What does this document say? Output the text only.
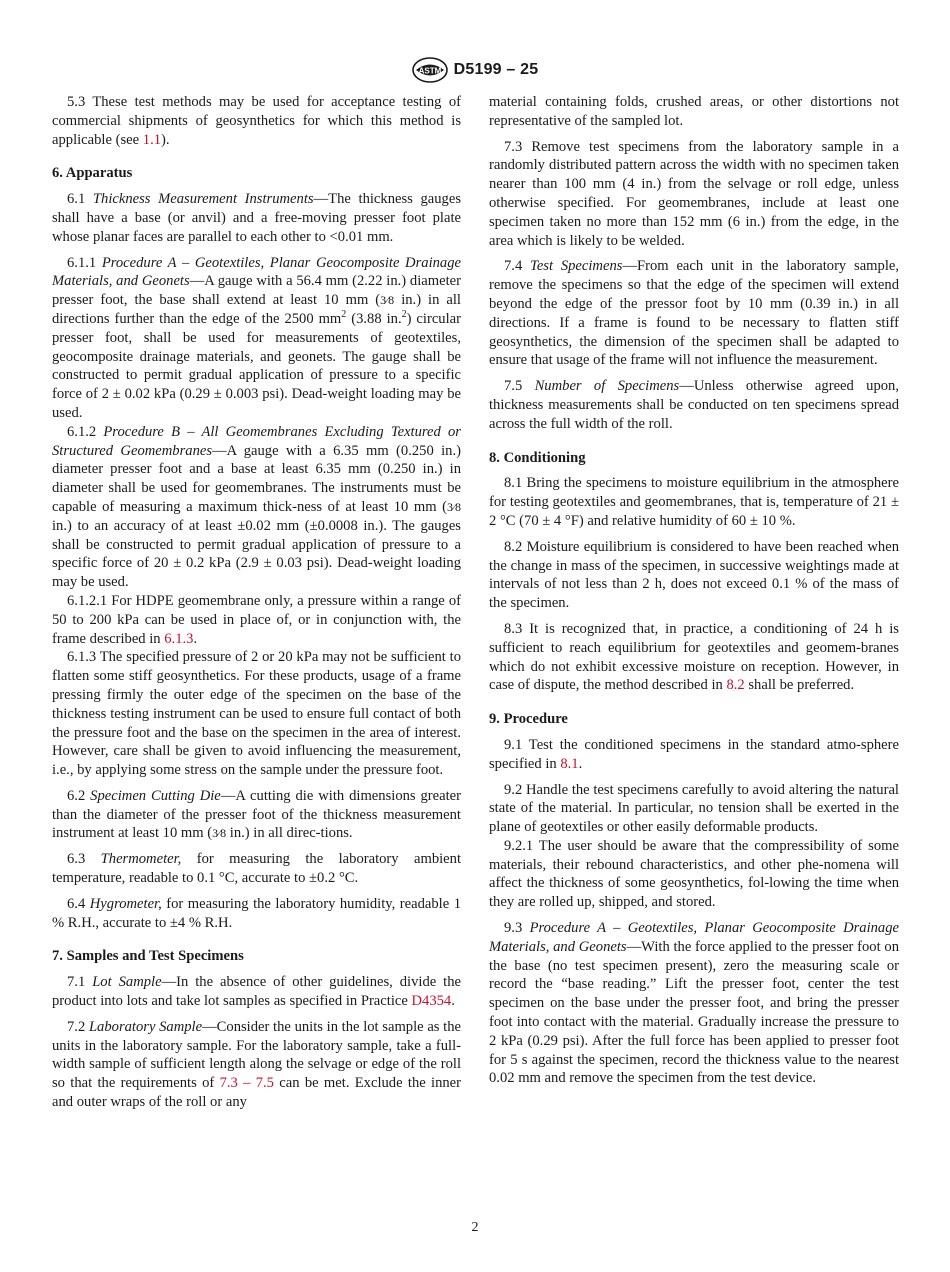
ASTM D5199 – 25

5.3 These test methods may be used for acceptance testing of commercial shipments of geosynthetics for which this method is applicable (see 1.1).

6. Apparatus

6.1 Thickness Measurement Instruments—The thickness gauges shall have a base (or anvil) and a free-moving presser foot plate whose planar faces are parallel to each other to <0.01 mm.

6.1.1 Procedure A – Geotextiles, Planar Geocomposite Drainage Materials, and Geonets—A gauge with a 56.4 mm (2.22 in.) diameter presser foot, the base shall extend at least 10 mm (3⁄8 in.) in all directions further than the edge of the 2500 $mm^2$ (3.88 in.$^2$) circular presser foot, shall be used for measurements of geotextiles, geocomposite drainage materials, and geonets. The gauge shall be constructed to permit gradual application of pressure to a specific force of 2 ± 0.02 kPa (0.29 ± 0.003 psi). Dead-weight loading may be used.

6.1.2 Procedure B – All Geomembranes Excluding Textured or Structured Geomembranes—A gauge with a 6.35 mm (0.250 in.) diameter presser foot and a base at least 6.35 mm (0.250 in.) in diameter shall be used for geomembranes. The instruments must be capable of measuring a maximum thick-ness of at least 10 mm (3⁄8 in.) to an accuracy of at least ±0.02 mm (±0.0008 in.). The gauges shall be constructed to permit gradual application of pressure to a specific force of 20 ± 0.2 kPa (2.9 ± 0.03 psi). Dead-weight loading may be used.

6.1.2.1 For HDPE geomembrane only, a pressure within a range of 50 to 200 kPa can be used in place of, or in conjunction with, the frame described in 6.1.3.

6.1.3 The specified pressure of 2 or 20 kPa may not be sufficient to flatten some stiff geosynthetics. For these products, usage of a frame pressing firmly the outer edge of the specimen on the base of the thickness testing instrument can be used to ensure full contact of both the pressure foot and the base on the specimen in the area of interest. However, care shall be given to avoid influencing the measurement, i.e., by applying some stress on the sample under the pressure foot.

6.2 Specimen Cutting Die—A cutting die with dimensions greater than the diameter of the presser foot of the thickness measurement instrument at least 10 mm (3⁄8 in.) in all direc-tions.

6.3 Thermometer, for measuring the laboratory ambient temperature, readable to 0.1 °C, accurate to ±0.2 °C.

6.4 Hygrometer, for measuring the laboratory humidity, readable 1 % R.H., accurate to ±4 % R.H.

7. Samples and Test Specimens

7.1 Lot Sample—In the absence of other guidelines, divide the product into lots and take lot samples as specified in Practice D4354.

7.2 Laboratory Sample—Consider the units in the lot sample as the units in the laboratory sample. For the laboratory sample, take a full-width sample of sufficient length along the selvage or edge of the roll so that the requirements of 7.3 – 7.5 can be met. Exclude the inner and outer wraps of the roll or any

material containing folds, crushed areas, or other distortions not representative of the sampled lot.

7.3 Remove test specimens from the laboratory sample in a randomly distributed pattern across the width with no specimen taken nearer than 100 mm (4 in.) from the selvage or roll edge, unless otherwise specified. For geomembranes, include at least one specimen taken no more than 152 mm (6 in.) from the edge, in the area which is likely to be welded.

7.4 Test Specimens—From each unit in the laboratory sample, remove the specimens so that the edge of the specimen will extend beyond the edge of the pressor foot by 10 mm (0.39 in.) in all directions. If a frame is found to be necessary to flatten stiff geosynthetics, the dimension of the specimen shall be adapted to ensure that usage of the frame will not influence the measurement.

7.5 Number of Specimens—Unless otherwise agreed upon, thickness measurements shall be conducted on ten specimens spread across the full width of the roll.

8. Conditioning

8.1 Bring the specimens to moisture equilibrium in the atmosphere for testing geotextiles and geomembranes, that is, temperature of 21 ± 2 °C (70 ± 4 °F) and relative humidity of 60 ± 10 %.

8.2 Moisture equilibrium is considered to have been reached when the change in mass of the specimen, in successive weightings made at intervals of not less than 2 h, does not exceed 0.1 % of the mass of the specimen.

8.3 It is recognized that, in practice, a conditioning of 24 h is sufficient to reach equilibrium for geotextiles and geomem-branes which do not exhibit excessive moisture on reception. However, in case of dispute, the method described in 8.2 shall be preferred.

9. Procedure

9.1 Test the conditioned specimens in the standard atmo-sphere specified in 8.1.

9.2 Handle the test specimens carefully to avoid altering the natural state of the material. In particular, no tension shall be exerted in the plane of geotextiles or other easily deformable products.

9.2.1 The user should be aware that the compressibility of some materials, their rebound characteristics, and other phe-nomena will affect the thickness of some geosynthetics, fol-lowing the time when they are rolled up, shipped, and stored.

9.3 Procedure A – Geotextiles, Planar Geocomposite Drainage Materials, and Geonets—With the force applied to the presser foot on the base (no test specimen present), zero the measuring scale or record the “base reading.” Lift the presser foot, center the test specimen on the base under the presser foot, and bring the presser foot into contact with the material. Gradually increase the pressure to 2 kPa (0.29 psi). After the full force has been applied to presser foot for 5 s against the specimen, record the thickness value to the nearest 0.02 mm and remove the specimen from the test device.

2
